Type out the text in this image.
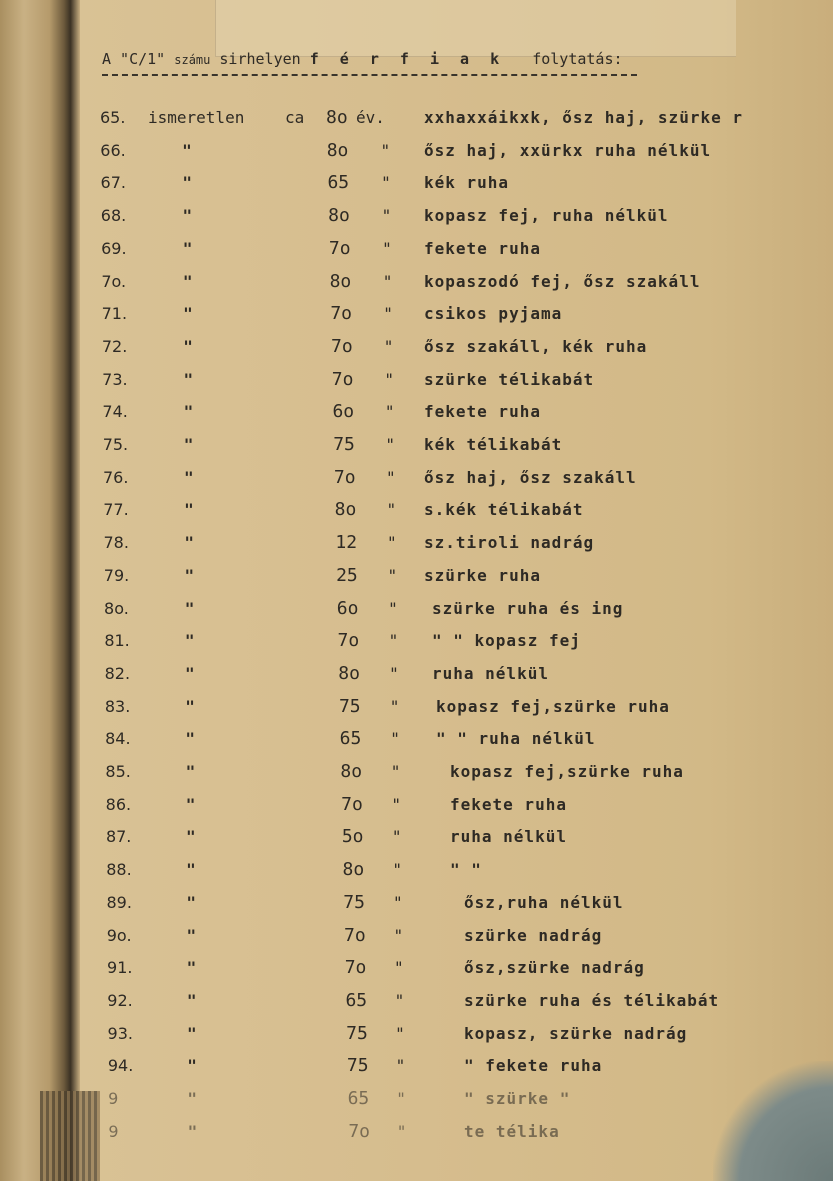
A "C/1" számu sirhelyen f é r f i a k folytatás:
65. ismeretlen	ca 8o év. xxhaxxáikxk, ősz haj, szürke r
66.	"	8o " ősz haj, xxürkx ruha nélkül
67.	"	65 " kék ruha
68.	"	8o " kopasz fej, ruha nélkül
69.	"	7o " fekete ruha
7o.	"	8o " kopaszodó fej, ősz szakáll
71.	"	7o " csikos pyjama
72.	"	7o " ősz szakáll, kék ruha
73.	"	7o " szürke télikabát
74.	"	6o " fekete ruha
75.	"	75 " kék télikabát
76.	"	7o " ősz haj, ősz szakáll
77.	"	8o " s.kék télikabát
78.	"	12 " sz.tiroli nadrág
79.	"	25 " szürke ruha
8o.	"	6o " szürke ruha és ing
81.	"	7o " " " kopasz fej
82.	"	8o " ruha nélkül
83.	"	75 " kopasz fej,szürke ruha
84.	"	65 " " " ruha nélkül
85.	"	8o "	kopasz fej,szürke ruha
86.	"	7o "	fekete ruha
87.	"	5o "	ruha nélkül
88.	"	8o "	" "
89.	"	75 "	ősz,ruha nélkül
9o.	"	7o "	szürke nadrág
91.	"	7o "	ősz,szürke nadrág
92.	"	65 "	szürke ruha és télikabát
93.	"	75 "	kopasz, szürke nadrág
94.	"	75 "	" fekete ruha
9	"	65 "	" szürke "
9	"	7o "	te télika
